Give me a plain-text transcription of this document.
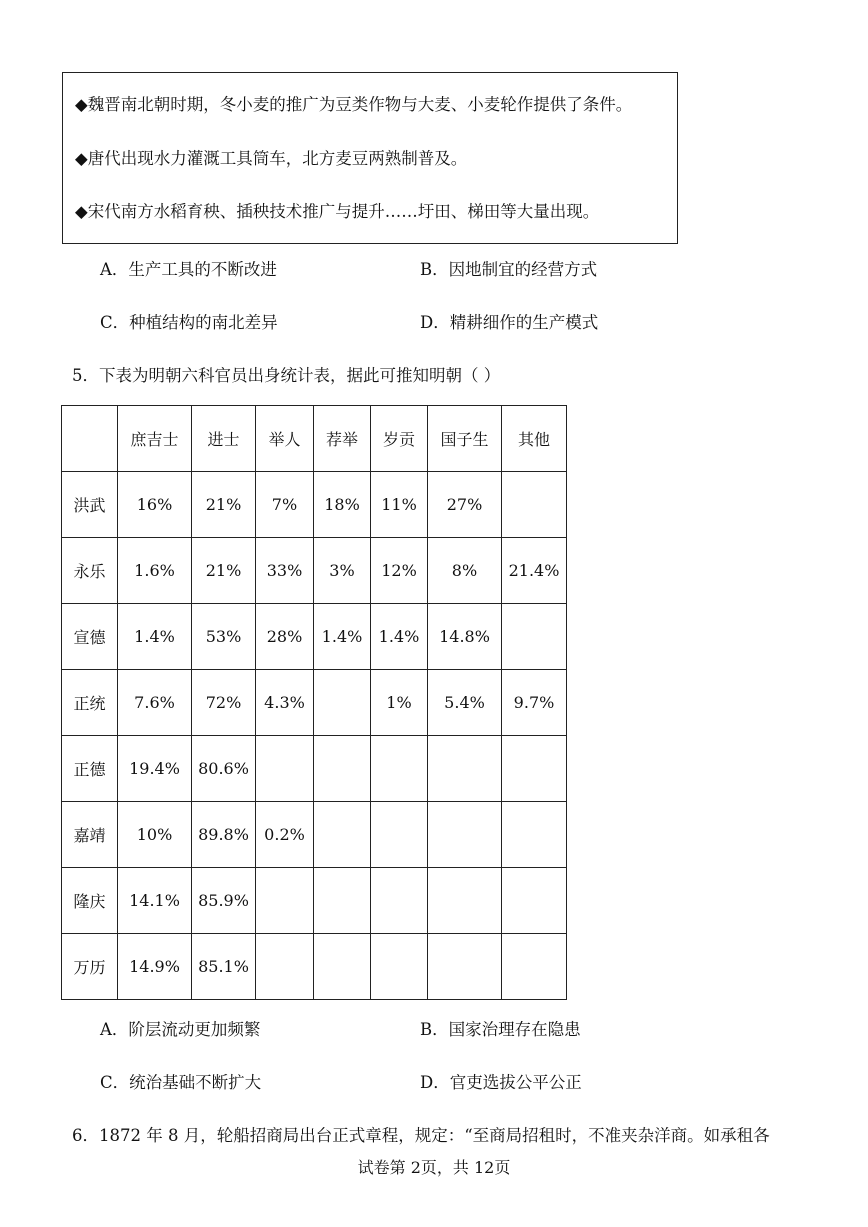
◆魏晋南北朝时期，冬小麦的推广为豆类作物与大麦、小麦轮作提供了条件。
◆唐代出现水力灌溉工具筒车，北方麦豆两熟制普及。
◆宋代南方水稻育秧、插秧技术推广与提升……圩田、梯田等大量出现。
A．生产工具的不断改进	B．因地制宜的经营方式
C．种植结构的南北差异	D．精耕细作的生产模式
5．下表为明朝六科官员出身统计表，据此可推知明朝（ ）
	庶吉士	进士	举人	荐举	岁贡	国子生	其他
洪武	16%	21%	7%	18%	11%	27%	
永乐	1.6%	21%	33%	3%	12%	8%	21.4%
宣德	1.4%	53%	28%	1.4%	1.4%	14.8%	
正统	7.6%	72%	4.3%		1%	5.4%	9.7%
正德	19.4%	80.6%					
嘉靖	10%	89.8%	0.2%				
隆庆	14.1%	85.9%					
万历	14.9%	85.1%					
A．阶层流动更加频繁	B．国家治理存在隐患
C．统治基础不断扩大	D．官吏选拔公平公正
6．1872 年 8 月，轮船招商局出台正式章程，规定：“至商局招租时，不准夹杂洋商。如承租各
试卷第 2页，共 12页
